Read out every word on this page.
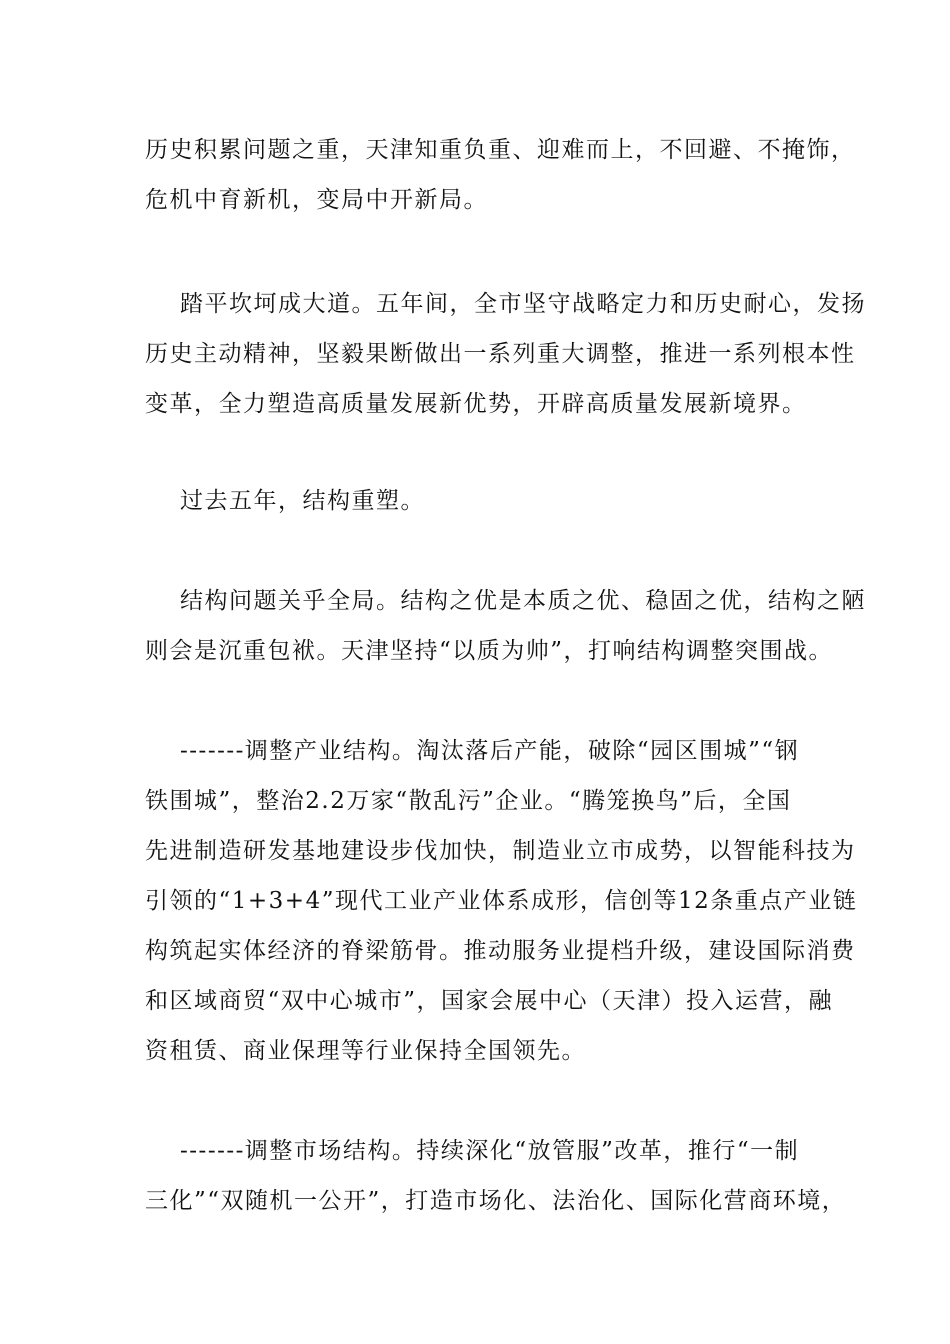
历史积累问题之重，天津知重负重、迎难而上，不回避、不掩饰，
危机中育新机，变局中开新局。
踏平坎坷成大道。五年间，全市坚守战略定力和历史耐心，发扬
历史主动精神，坚毅果断做出一系列重大调整，推进一系列根本性
变革，全力塑造高质量发展新优势，开辟高质量发展新境界。
过去五年，结构重塑。
结构问题关乎全局。结构之优是本质之优、稳固之优，结构之陋
则会是沉重包袱。天津坚持“以质为帅”，打响结构调整突围战。
-------调整产业结构。淘汰落后产能，破除“园区围城”“钢
铁围城”，整治2.2万家“散乱污”企业。“腾笼换鸟”后，全国
先进制造研发基地建设步伐加快，制造业立市成势，以智能科技为
引领的“1+3+4”现代工业产业体系成形，信创等12条重点产业链
构筑起实体经济的脊梁筋骨。推动服务业提档升级，建设国际消费
和区域商贸“双中心城市”，国家会展中心（天津）投入运营，融
资租赁、商业保理等行业保持全国领先。
-------调整市场结构。持续深化“放管服”改革，推行“一制
三化”“双随机一公开”，打造市场化、法治化、国际化营商环境，
